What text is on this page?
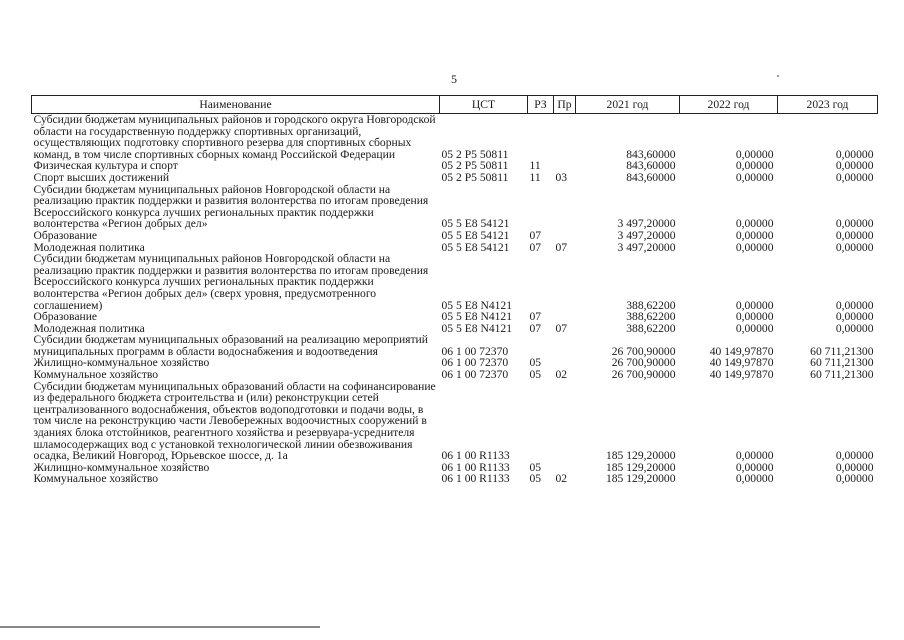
5
Наименование	ЦСТ	РЗ	Пр	2021 год	2022 год	2023 год
Субсидии бюджетам муниципальных районов и городского округа Новгородской области на государственную поддержку спортивных организаций, осуществляющих подготовку спортивного резерва для спортивных сборных команд, в том числе спортивных сборных команд Российской Федерации	05 2 Р5 50811			843,60000	0,00000	0,00000
Физическая культура и спорт	05 2 Р5 50811	11		843,60000	0,00000	0,00000
Спорт высших достижений	05 2 Р5 50811	11	03	843,60000	0,00000	0,00000
Субсидии бюджетам муниципальных районов Новгородской области на реализацию практик поддержки и развития волонтерства по итогам проведения Всероссийского конкурса лучших региональных практик поддержки волонтерства «Регион добрых дел»	05 5 Е8 54121			3 497,20000	0,00000	0,00000
Образование	05 5 Е8 54121	07		3 497,20000	0,00000	0,00000
Молодежная политика	05 5 Е8 54121	07	07	3 497,20000	0,00000	0,00000
Субсидии бюджетам муниципальных районов Новгородской области на реализацию практик поддержки и развития волонтерства по итогам проведения Всероссийского конкурса лучших региональных практик поддержки волонтерства «Регион добрых дел» (сверх уровня, предусмотренного соглашением)	05 5 Е8 N4121			388,62200	0,00000	0,00000
Образование	05 5 Е8 N4121	07		388,62200	0,00000	0,00000
Молодежная политика	05 5 Е8 N4121	07	07	388,62200	0,00000	0,00000
Субсидии бюджетам муниципальных образований на реализацию мероприятий муниципальных программ в области водоснабжения и водоотведения	06 1 00 72370			26 700,90000	40 149,97870	60 711,21300
Жилищно-коммунальное хозяйство	06 1 00 72370	05		26 700,90000	40 149,97870	60 711,21300
Коммунальное хозяйство	06 1 00 72370	05	02	26 700,90000	40 149,97870	60 711,21300
Субсидии бюджетам муниципальных образований области на софинансирование из федерального бюджета строительства и (или) реконструкции сетей централизованного водоснабжения, объектов водоподготовки и подачи воды, в том числе на реконструкцию части Левобережных водоочистных сооружений в зданиях блока отстойников, реагентного хозяйства и резервуара-усреднителя шламосодержащих вод с установкой технологической линии обезвоживания осадка, Великий Новгород, Юрьевское шоссе, д. 1а	06 1 00 R1133			185 129,20000	0,00000	0,00000
Жилищно-коммунальное хозяйство	06 1 00 R1133	05		185 129,20000	0,00000	0,00000
Коммунальное хозяйство	06 1 00 R1133	05	02	185 129,20000	0,00000	0,00000
